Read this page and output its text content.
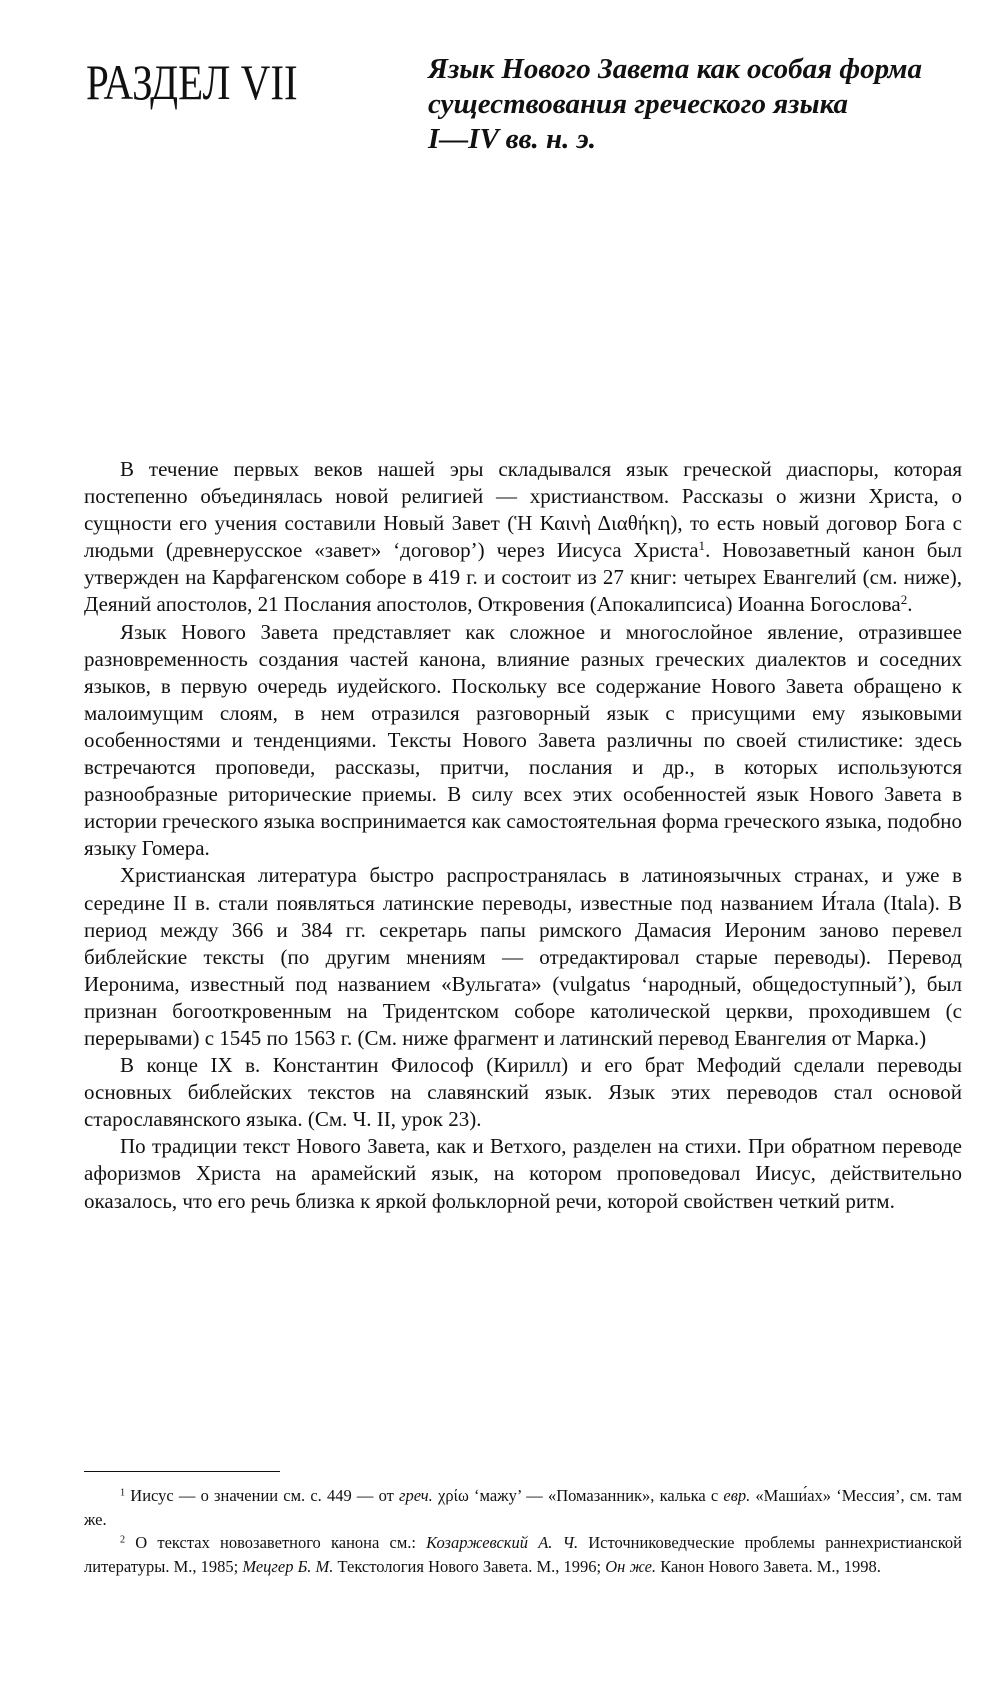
РАЗДЕЛ VII	Язык Нового Завета как особая форма
существования греческого языка
I—IV вв. н. э.

В течение первых веков нашей эры складывался язык греческой диаспоры, которая постепенно объединялась новой религией — христианством. Рассказы о жизни Христа, о сущности его учения составили Новый Завет (Ἡ Καινὴ Διαθήκη), то есть новый договор Бога с людьми (древнерусское «завет» ‘договор’) через Иисуса Христа$^1$. Новозаветный канон был утвержден на Карфагенском соборе в 419 г. и состоит из 27 книг: четырех Евангелий (см. ниже), Деяний апостолов, 21 Послания апостолов, Откровения (Апокалипсиса) Иоанна Богослова$^2$.

Язык Нового Завета представляет как сложное и многослойное явление, отразившее разновременность создания частей канона, влияние разных греческих диалектов и соседних языков, в первую очередь иудейского. Поскольку все содержание Нового Завета обращено к малоимущим слоям, в нем отразился разговорный язык с присущими ему языковыми особенностями и тенденциями. Тексты Нового Завета различны по своей стилистике: здесь встречаются проповеди, рассказы, притчи, послания и др., в которых используются разнообразные риторические приемы. В силу всех этих особенностей язык Нового Завета в истории греческого языка воспринимается как самостоятельная форма греческого языка, подобно языку Гомера.

Христианская литература быстро распространялась в латиноязычных странах, и уже в середине II в. стали появляться латинские переводы, известные под названием И́тала (Itala). В период между 366 и 384 гг. секретарь папы римского Дамасия Иероним заново перевел библейские тексты (по другим мнениям — отредактировал старые переводы). Перевод Иеронима, известный под названием «Вульгата» (vulgatus ‘народный, общедоступный’), был признан богооткровенным на Тридентском соборе католической церкви, проходившем (с перерывами) с 1545 по 1563 г. (См. ниже фрагмент и латинский перевод Евангелия от Марка.)

В конце IX в. Константин Философ (Кирилл) и его брат Мефодий сделали переводы основных библейских текстов на славянский язык. Язык этих переводов стал основой старославянского языка. (См. Ч. II, урок 23).

По традиции текст Нового Завета, как и Ветхого, разделен на стихи. При обратном переводе афоризмов Христа на арамейский язык, на котором проповедовал Иисус, действительно оказалось, что его речь близка к яркой фольклорной речи, которой свойствен четкий ритм.

$^1$ Иисус — о значении см. с. 449 — от греч. χρίω ‘мажу’ — «Помазанник», калька с евр. «Маши́ах» ‘Мессия’, см. там же.

$^2$ О текстах новозаветного канона см.: Козаржевский А. Ч. Источниковедческие проблемы раннехристианской литературы. М., 1985; Мецгер Б. М. Текстология Нового Завета. М., 1996; Он же. Канон Нового Завета. М., 1998.
